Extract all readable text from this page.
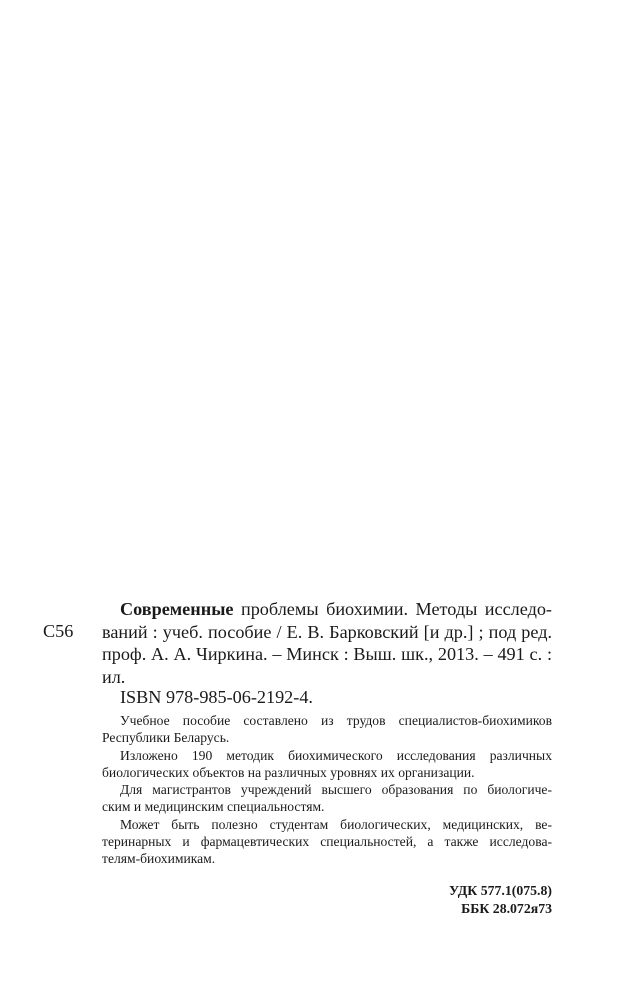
С56
Современные проблемы биохимии. Методы исследо-
ваний : учеб. пособие / Е. В. Барковский [и др.] ; под ред.
проф. А. А. Чиркина. – Минск : Выш. шк., 2013. – 491 с. :
ил.
ISBN 978-985-06-2192-4.
Учебное пособие составлено из трудов специалистов-биохимиков
Республики Беларусь.
Изложено 190 методик биохимического исследования различных
биологических объектов на различных уровнях их организации.
Для магистрантов учреждений высшего образования по биологиче-
ским и медицинским специальностям.
Может быть полезно студентам биологических, медицинских, ве-
теринарных и фармацевтических специальностей, а также исследова-
телям-биохимикам.
УДК 577.1(075.8)
ББК 28.072я73
